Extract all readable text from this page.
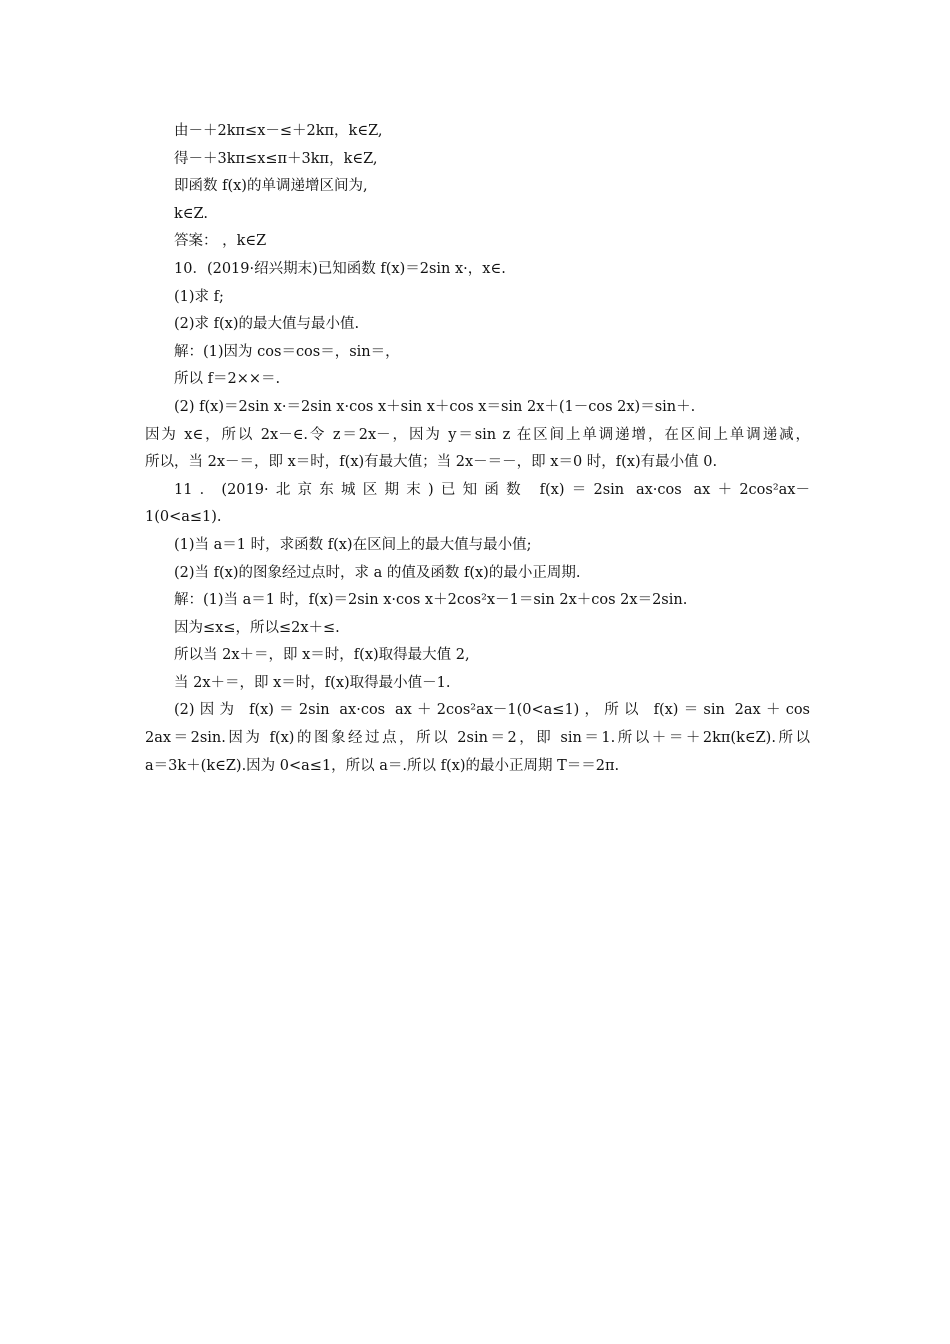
由－＋2kπ≤x－≤＋2kπ，k∈Z,
得－＋3kπ≤x≤π＋3kπ，k∈Z,
即函数 f(x)的单调递增区间为,
k∈Z.
答案： ，k∈Z
10．(2019·绍兴期末)已知函数 f(x)＝2sin x·，x∈.
(1)求 f;
(2)求 f(x)的最大值与最小值.
解：(1)因为 cos＝cos＝，sin＝，
所以 f＝2××＝.
(2) f(x)＝2sin x·＝2sin x·cos x＋sin x＋cos x＝sin 2x＋(1－cos 2x)＝sin＋.
因为 x∈，所以 2x－∈.令 z＝2x－，因为 y＝sin z 在区间上单调递增，在区间上单调递减，
所以，当 2x－＝，即 x＝时，f(x)有最大值；当 2x－＝－，即 x＝0 时，f(x)有最小值 0.
11．(2019·北京东城区期末)已知函数 f(x)＝2sin ax·cos ax＋2cos²ax－
1(0<a≤1).
(1)当 a＝1 时，求函数 f(x)在区间上的最大值与最小值;
(2)当 f(x)的图象经过点时，求 a 的值及函数 f(x)的最小正周期.
解：(1)当 a＝1 时，f(x)＝2sin x·cos x＋2cos²x－1＝sin 2x＋cos 2x＝2sin.
因为≤x≤，所以≤2x＋≤.
所以当 2x＋＝，即 x＝时，f(x)取得最大值 2,
当 2x＋＝，即 x＝时，f(x)取得最小值－1.
(2)因为 f(x)＝2sin ax·cos ax＋2cos²ax－1(0<a≤1)，所以 f(x)＝sin 2ax＋cos
2ax＝2sin.因为 f(x)的图象经过点，所以 2sin＝2，即 sin＝1.所以＋＝＋2kπ(k∈Z).所以
a＝3k＋(k∈Z).因为 0<a≤1，所以 a＝.所以 f(x)的最小正周期 T＝＝2π.
